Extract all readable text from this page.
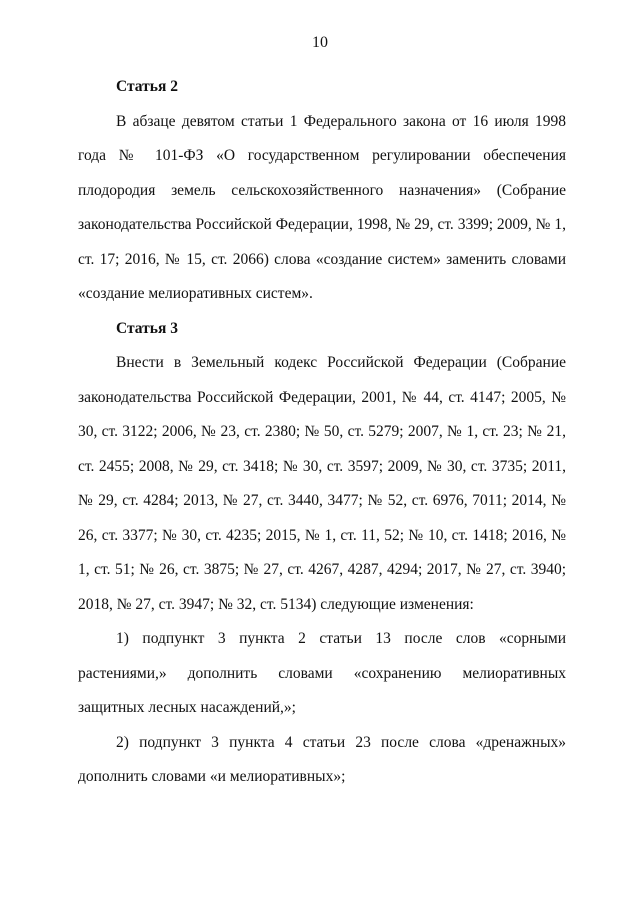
10
Статья 2

В абзаце девятом статьи 1 Федерального закона от 16 июля 1998 года № 101-ФЗ «О государственном регулировании обеспечения плодородия земель сельскохозяйственного назначения» (Собрание законодательства Российской Федерации, 1998, № 29, ст. 3399; 2009, № 1, ст. 17; 2016, № 15, ст. 2066) слова «создание систем» заменить словами «создание мелиоративных систем».

Статья 3

Внести в Земельный кодекс Российской Федерации (Собрание законодательства Российской Федерации, 2001, № 44, ст. 4147; 2005, № 30, ст. 3122; 2006, № 23, ст. 2380; № 50, ст. 5279; 2007, № 1, ст. 23; № 21, ст. 2455; 2008, № 29, ст. 3418; № 30, ст. 3597; 2009, № 30, ст. 3735; 2011, № 29, ст. 4284; 2013, № 27, ст. 3440, 3477; № 52, ст. 6976, 7011; 2014, № 26, ст. 3377; № 30, ст. 4235; 2015, № 1, ст. 11, 52; № 10, ст. 1418; 2016, № 1, ст. 51; № 26, ст. 3875; № 27, ст. 4267, 4287, 4294; 2017, № 27, ст. 3940; 2018, № 27, ст. 3947; № 32, ст. 5134) следующие изменения:

1) подпункт 3 пункта 2 статьи 13 после слов «сорными растениями,» дополнить словами «сохранению мелиоративных защитных лесных насаждений,»;

2) подпункт 3 пункта 4 статьи 23 после слова «дренажных» дополнить словами «и мелиоративных»;
